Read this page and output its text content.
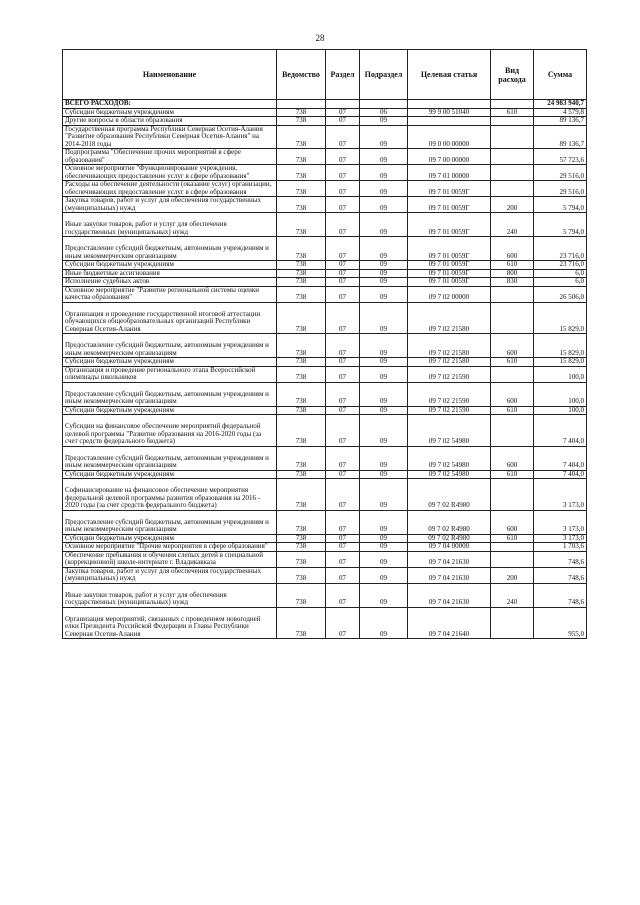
28
Наименование	Ведомство	Раздел	Подраздел	Целевая статья	Вид расхода	Сумма
ВСЕГО РАСХОДОВ:						24 983 940,7
Субсидии бюджетным учреждениям	738	07	06	99 9 00 51040	610	4 579,8
Другие вопросы в области образования	738	07	09			89 136,7
Государственная программа Республики Северная Осетия-Алания "Развитие образования Республики Северная Осетия-Алания" на 2014-2018 годы	738	07	09	09 0 00 00000		89 136,7
Подпрограмма "Обеспечение прочих мероприятий в сфере образования"	738	07	09	09 7 00 00000		57 723,6
Основное мероприятие "Функционирование учреждения, обеспечивающих предоставление услуг в сфере образования"	738	07	09	09 7 01 00000		29 516,0
Расходы на обеспечение деятельности (оказание услуг) организации, обеспечивающих предоставление услуг в сфере образования	738	07	09	09 7 01 0059Г		29 516,0
Закупка товаров, работ и услуг для обеспечения государственных (муниципальных) нужд	738	07	09	09 7 01 0059Г	200	5 794,0
Иные закупки товаров, работ и услуг для обеспечения государственных (муниципальных) нужд	738	07	09	09 7 01 0059Г	240	5 794,0
Предоставление субсидий бюджетным, автономным учреждениям и иным некоммерческим организациям	738	07	09	09 7 01 0059Г	600	23 716,0
Субсидии бюджетным учреждениям	738	07	09	09 7 01 0059Г	610	23 716,0
Иные бюджетные ассигнования	738	07	09	09 7 01 0059Г	800	6,0
Исполнение судебных актов	738	07	09	09 7 01 0059Г	830	6,0
Основное мероприятие "Развитие региональной системы оценки качества образования"	738	07	09	09 7 02 00000		26 506,0
Организация и проведение государственной итоговой аттестации обучающихся общеобразовательных организаций Республики Северная Осетия-Алания	738	07	09	09 7 02 21580		15 829,0
Предоставление субсидий бюджетным, автономным учреждениям и иным некоммерческим организациям	738	07	09	09 7 02 21580	600	15 829,0
Субсидии бюджетным учреждениям	738	07	09	09 7 02 21580	610	15 829,0
Организация и проведение регионального этапа Всероссийской олимпиады школьников	738	07	09	09 7 02 21590		100,0
Предоставление субсидий бюджетным, автономным учреждениям и иным некоммерческим организациям	738	07	09	09 7 02 21590	600	100,0
Субсидии бюджетным учреждениям	738	07	09	09 7 02 21590	610	100,0
Субсидии на финансовое обеспечение мероприятий федеральной целевой программы "Развитие образования на 2016-2020 годы (за счет средств федерального бюджета)	738	07	09	09 7 02 54980		7 404,0
Предоставление субсидий бюджетным, автономным учреждениям и иным некоммерческим организациям	738	07	09	09 7 02 54980	600	7 404,0
Субсидии бюджетным учреждениям	738	07	09	09 7 02 54980	610	7 404,0
Софинансирование на финансовое обеспечение мероприятия федеральной целевой программы развития образования на 2016 - 2020 годы (за счет средств федерального бюджета)	738	07	09	09 7 02 R4980		3 173,0
Предоставление субсидий бюджетным, автономным учреждениям и иным некоммерческим организациям	738	07	09	09 7 02 R4980	600	3 173,0
Субсидии бюджетным учреждениям	738	07	09	09 7 02 R4980	610	3 173,0
Основное мероприятие "Прочие мероприятия в сфере образования"	738	07	09	09 7 04 00000		1 703,6
Обеспечение пребывания и обучения слепых детей в специальной (коррекционной) школе-интернате г. Владикавказа	738	07	09	09 7 04 21630		748,6
Закупка товаров, работ и услуг для обеспечения государственных (муниципальных) нужд	738	07	09	09 7 04 21630	200	748,6
Иные закупки товаров, работ и услуг для обеспечения государственных (муниципальных) нужд	738	07	09	09 7 04 21630	240	748,6
Организация мероприятий, связанных с проведением новогодней елки Президента Российской Федерации и Главы Республики Северная Осетия-Алания	738	07	09	09 7 04 21640		955,0
